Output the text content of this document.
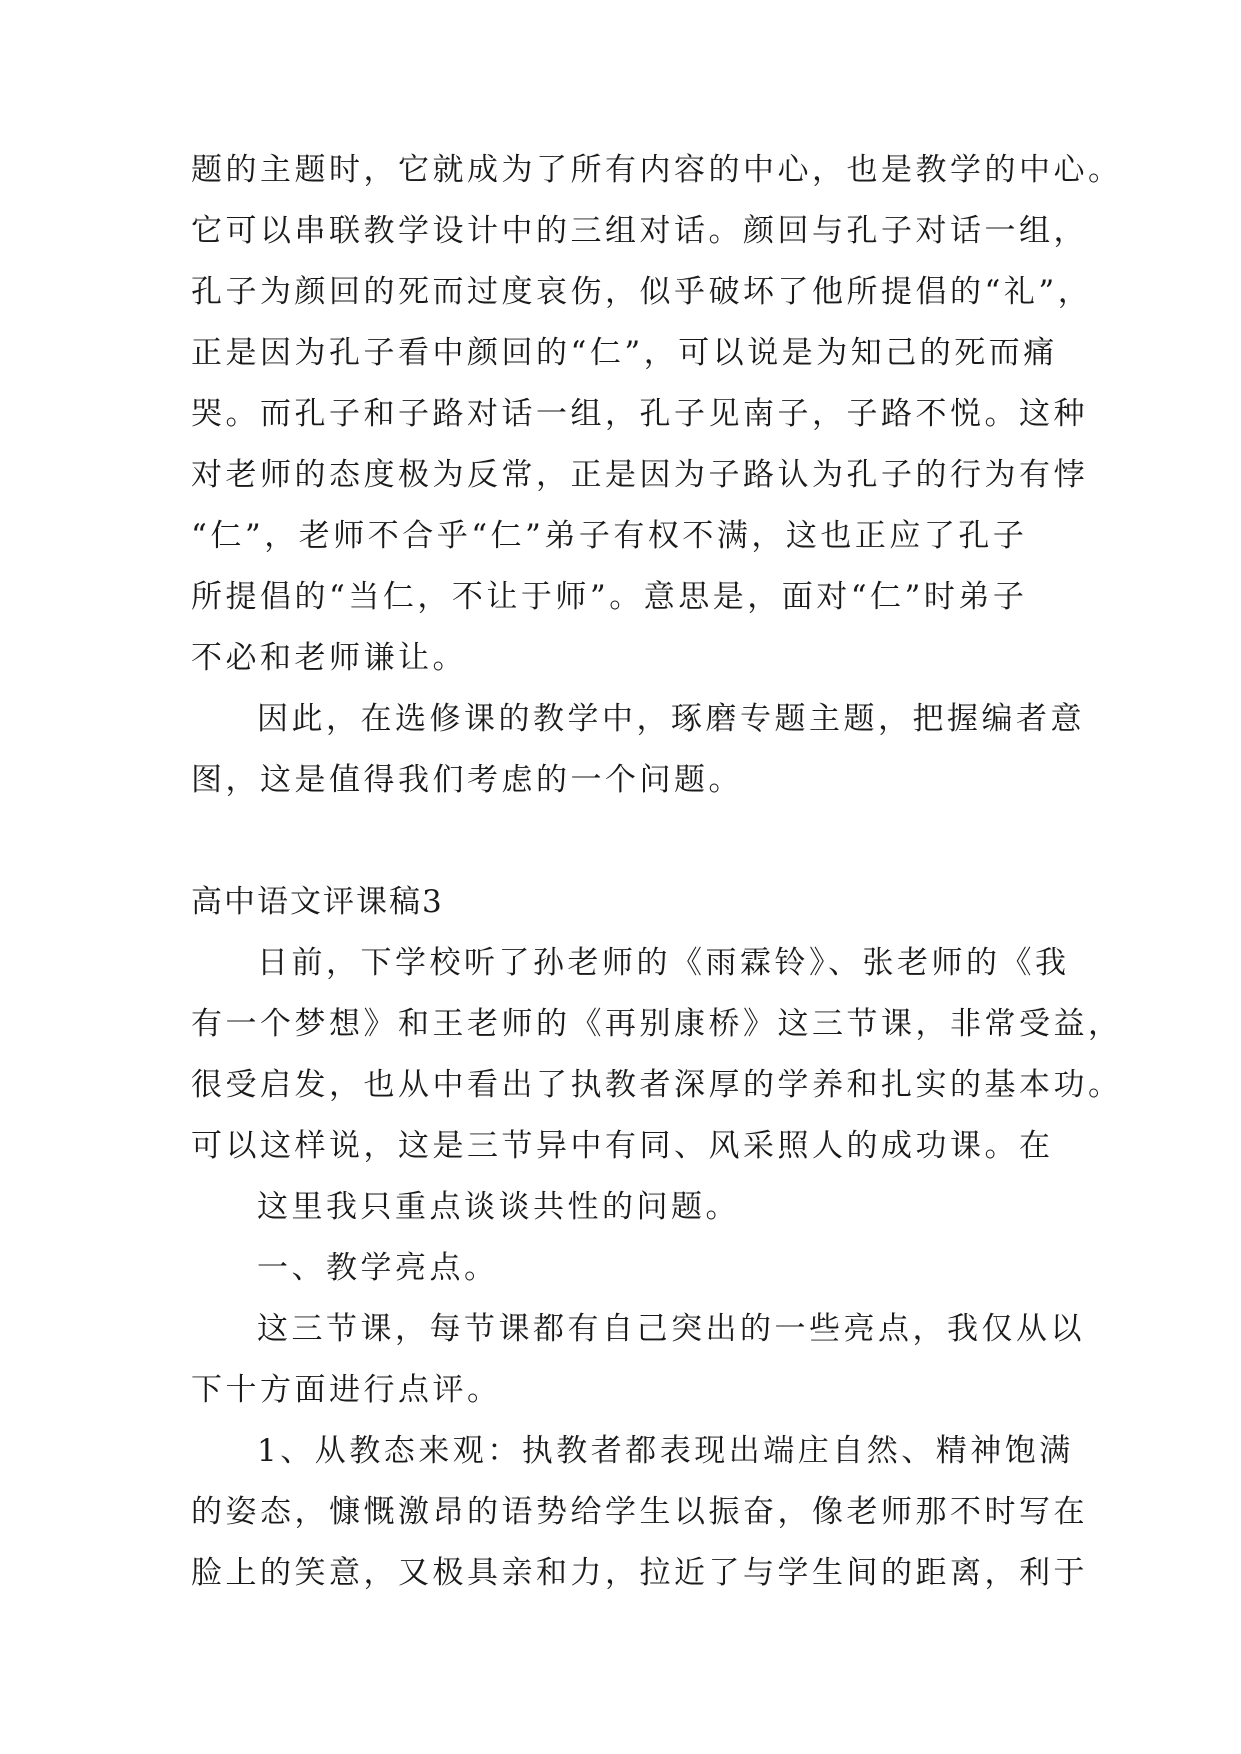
题的主题时，它就成为了所有内容的中心，也是教学的中心。
它可以串联教学设计中的三组对话。颜回与孔子对话一组，
孔子为颜回的死而过度哀伤，似乎破坏了他所提倡的“礼”，
正是因为孔子看中颜回的“仁”，可以说是为知己的死而痛
哭。而孔子和子路对话一组，孔子见南子，子路不悦。这种
对老师的态度极为反常，正是因为子路认为孔子的行为有悖
“仁”，老师不合乎“仁”弟子有权不满，这也正应了孔子
所提倡的“当仁，不让于师”。意思是，面对“仁”时弟子
不必和老师谦让。
因此，在选修课的教学中，琢磨专题主题，把握编者意
图，这是值得我们考虑的一个问题。
高中语文评课稿3
日前，下学校听了孙老师的《雨霖铃》、张老师的《我
有一个梦想》和王老师的《再别康桥》这三节课，非常受益，
很受启发，也从中看出了执教者深厚的学养和扎实的基本功。
可以这样说，这是三节异中有同、风采照人的成功课。在
这里我只重点谈谈共性的问题。
一、教学亮点。
这三节课，每节课都有自己突出的一些亮点，我仅从以
下十方面进行点评。
1、从教态来观：执教者都表现出端庄自然、精神饱满
的姿态，慷慨激昂的语势给学生以振奋，像老师那不时写在
脸上的笑意，又极具亲和力，拉近了与学生间的距离，利于
